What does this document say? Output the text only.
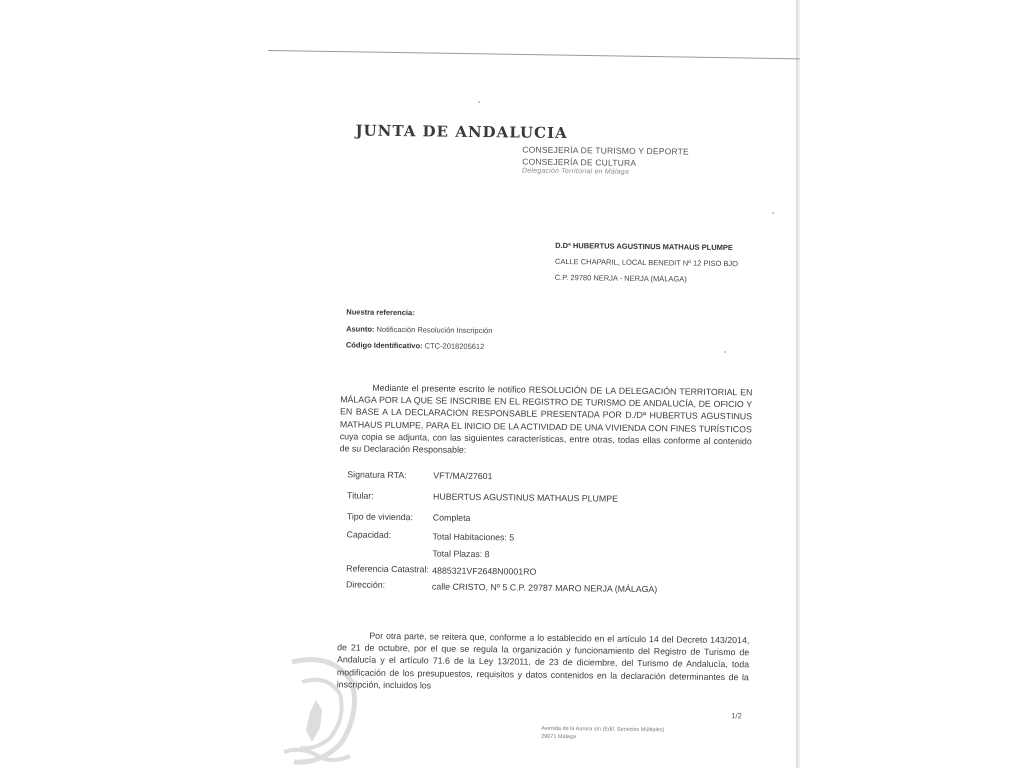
JUNTA DE ANDALUCIA
CONSEJERÍA DE TURISMO Y DEPORTE
CONSEJERÍA DE CULTURA
Delegación Territorial en Málaga
D.Dª HUBERTUS AGUSTINUS MATHAUS PLUMPE
CALLE CHAPARIL, LOCAL BENEDIT Nº 12 PISO BJO
C.P. 29780 NERJA - NERJA (MÁLAGA)
Nuestra referencia:
Asunto: Notificación Resolución Inscripción
Código Identificativo: CTC-2018205612
Mediante el presente escrito le notifico RESOLUCIÓN DE LA DELEGACIÓN TERRITORIAL EN MÁLAGA POR LA QUE SE INSCRIBE EN EL REGISTRO DE TURISMO DE ANDALUCÍA, DE OFICIO Y EN BASE A LA DECLARACION RESPONSABLE PRESENTADA POR D./Dª HUBERTUS AGUSTINUS MATHAUS PLUMPE, PARA EL INICIO DE LA ACTIVIDAD DE UNA VIVIENDA CON FINES TURÍSTICOS cuya copia se adjunta, con las siguientes características, entre otras, todas ellas conforme al contenido de su Declaración Responsable:
Signatura RTA:	VFT/MA/27601
Titular:	HUBERTUS AGUSTINUS MATHAUS PLUMPE
Tipo de vivienda: Completa
Capacidad:	Total Habitaciones: 5
Total Plazas: 8
Referencia Catastral: 4885321VF2648N0001RO
Dirección:	calle CRISTO, Nº 5 C.P. 29787 MARO NERJA (MÁLAGA)
Por otra parte, se reitera que, conforme a lo establecido en el artículo 14 del Decreto 143/2014, de 21 de octubre, por el que se regula la organización y funcionamiento del Registro de Turismo de Andalucía y el artículo 71.6 de la Ley 13/2011, de 23 de diciembre, del Turismo de Andalucía, toda modificación de los presupuestos, requisitos y datos contenidos en la declaración determinantes de la inscripción, incluidos los
1/2
Avenida de la Aurora s/n (Edif. Servicios Múltiples)
29071 Málaga
